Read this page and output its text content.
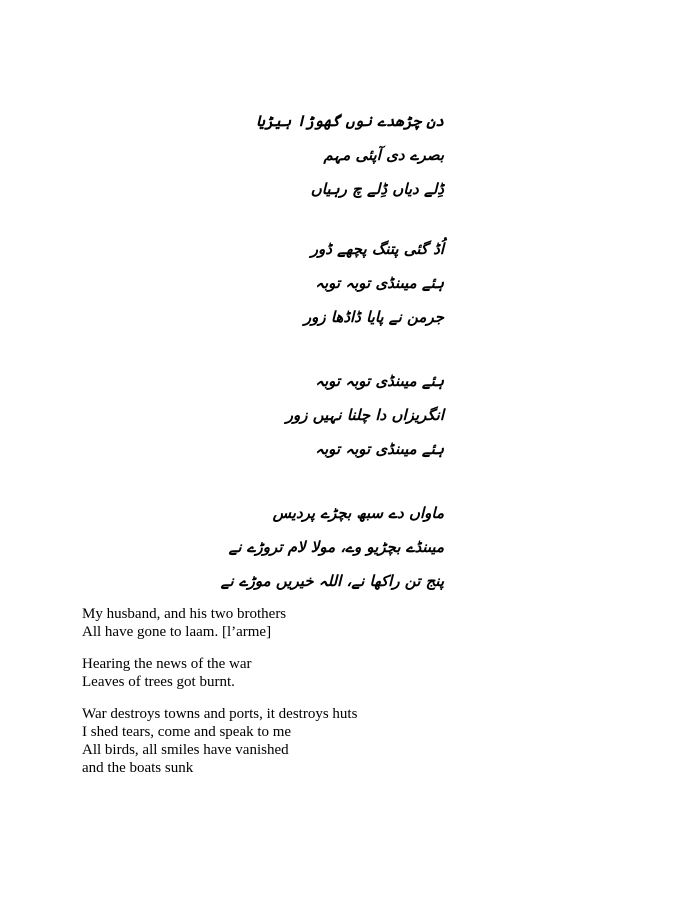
دن چڑھدے نوں گھوڑا ہیڑیا
بصرے دی آپئی مہم
ڈِلے دیاں ڈِلے چ رہیاں
اُڈ گئی پتنگ پچھے ڈور
ہئے میںنڈی توبہ توبہ
جرمن نے پایا ڈاڈھا زور
ہئے میںنڈی توبہ توبہ
انگریزاں دا چلنا نہیں زور
ہئے میںنڈی توبہ توبہ
ماواں دے سبھ بچڑے پردیس
میںنڈے بچڑیو وے، مولا لام تروڑے نے
پنج تن راکھا نے، اللہ خیریں موڑے نے
My husband, and his two brothers
All have gone to laam. [l’arme]
Hearing the news of the war
Leaves of trees got burnt.
War destroys towns and ports, it destroys huts
I shed tears, come and speak to me
All birds, all smiles have vanished
and the boats sunk
